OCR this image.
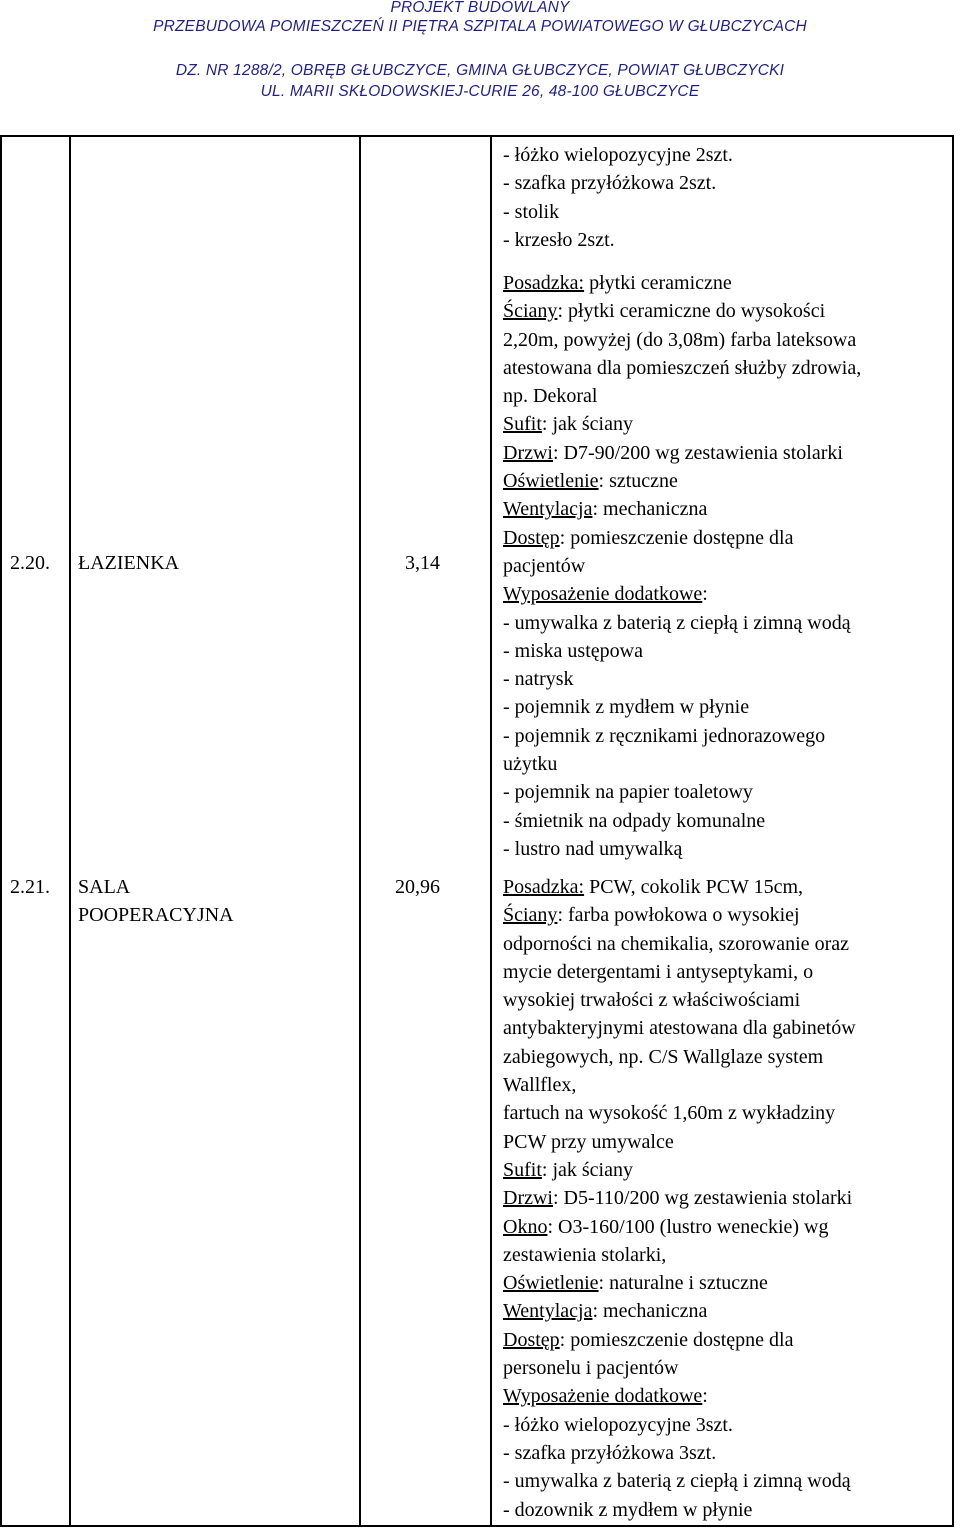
PROJEKT BUDOWLANY
PRZEBUDOWA POMIESZCZEŃ II PIĘTRA SZPITALA POWIATOWEGO W GŁUBCZYCACH
DZ. NR 1288/2, OBRĘB GŁUBCZYCE, GMINA GŁUBCZYCE, POWIAT GŁUBCZYCKI
UL. MARII SKŁODOWSKIEJ-CURIE 26, 48-100 GŁUBCZYCE
- łóżko wielopozycyjne 2szt.
- szafka przyłóżkowa 2szt.
- stolik
- krzesło 2szt.
2.20. ŁAZIENKA	3,14
Posadzka: płytki ceramiczne
Ściany: płytki ceramiczne do wysokości
2,20m, powyżej (do 3,08m) farba lateksowa
atestowana dla pomieszczeń służby zdrowia,
np. Dekoral
Sufit: jak ściany
Drzwi: D7-90/200 wg zestawienia stolarki
Oświetlenie: sztuczne
Wentylacja: mechaniczna
Dostęp: pomieszczenie dostępne dla
pacjentów
Wyposażenie dodatkowe:
- umywalka z baterią z ciepłą i zimną wodą
- miska ustępowa
- natrysk
- pojemnik z mydłem w płynie
- pojemnik z ręcznikami jednorazowego
użytku
- pojemnik na papier toaletowy
- śmietnik na odpady komunalne
- lustro nad umywalką
2.21. SALA
POOPERACYJNA
20,96	Posadzka: PCW, cokolik PCW 15cm,
Ściany: farba powłokowa o wysokiej
odporności na chemikalia, szorowanie oraz
mycie detergentami i antyseptykami, o
wysokiej trwałości z właściwościami
antybakteryjnymi atestowana dla gabinetów
zabiegowych, np. C/S Wallglaze system
Wallflex,
fartuch na wysokość 1,60m z wykładziny
PCW przy umywalce
Sufit: jak ściany
Drzwi: D5-110/200 wg zestawienia stolarki
Okno: O3-160/100 (lustro weneckie) wg
zestawienia stolarki,
Oświetlenie: naturalne i sztuczne
Wentylacja: mechaniczna
Dostęp: pomieszczenie dostępne dla
personelu i pacjentów
Wyposażenie dodatkowe:
- łóżko wielopozycyjne 3szt.
- szafka przyłóżkowa 3szt.
- umywalka z baterią z ciepłą i zimną wodą
- dozownik z mydłem w płynie
